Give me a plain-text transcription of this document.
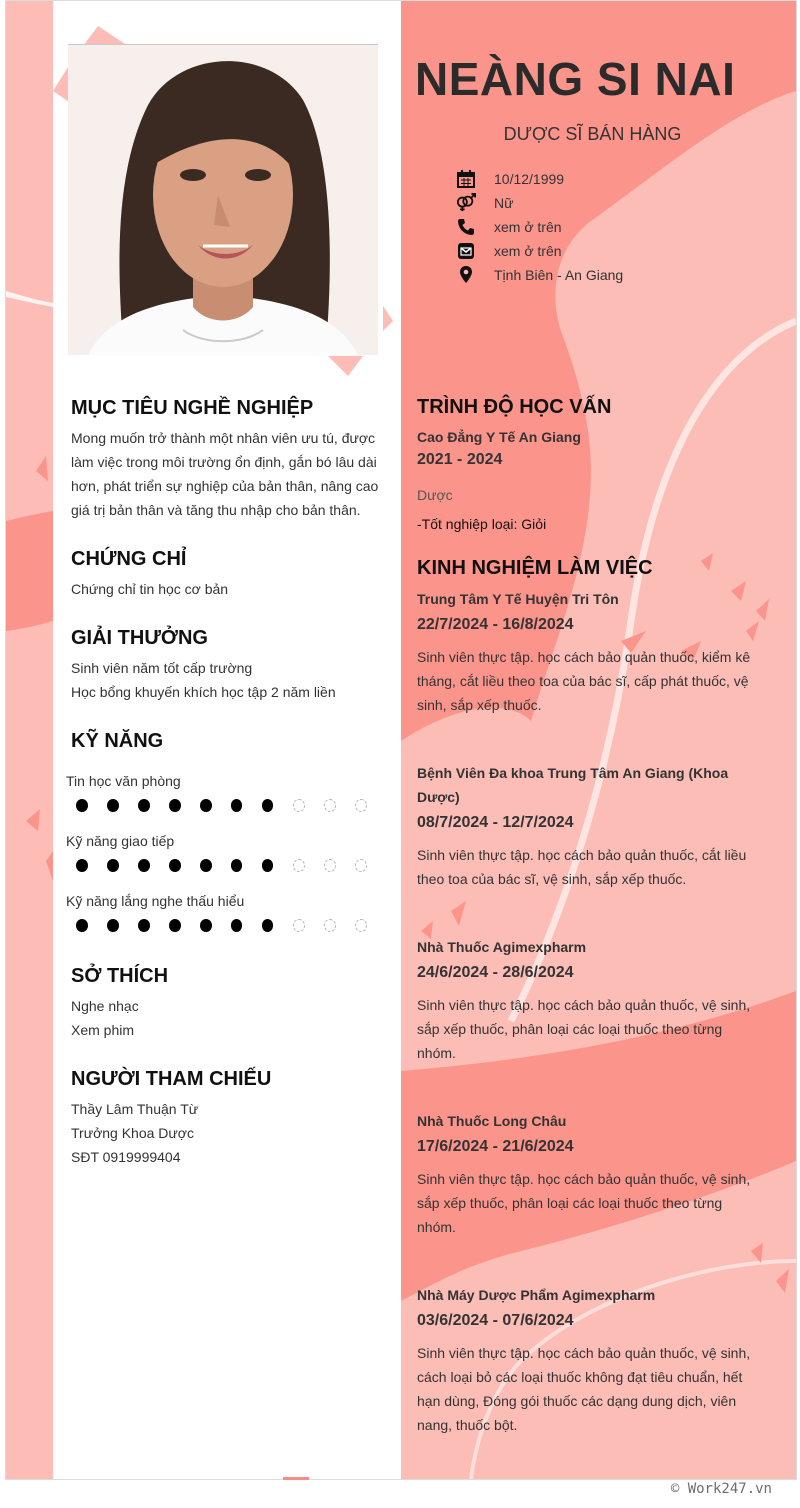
NEÀNG SI NAI
DƯỢC SĨ BÁN HÀNG
10/12/1999
Nữ
xem ở trên
xem ở trên
Tịnh Biên - An Giang
MỤC TIÊU NGHỀ NGHIỆP
Mong muốn trở thành một nhân viên ưu tú, được
làm việc trong môi trường ổn định, gắn bó lâu dài
hơn, phát triển sự nghiệp của bản thân, nâng cao
giá trị bản thân và tăng thu nhập cho bản thân.
CHỨNG CHỈ
Chứng chỉ tin học cơ bản
GIẢI THƯỞNG
Sinh viên năm tốt cấp trường
Học bổng khuyến khích học tập 2 năm liền
KỸ NĂNG
Tin học văn phòng
Kỹ năng giao tiếp
Kỹ năng lắng nghe thấu hiểu
SỞ THÍCH
Nghe nhạc
Xem phim
NGƯỜI THAM CHIẾU
Thầy Lâm Thuận Từ
Trưởng Khoa Dược
SĐT 0919999404
TRÌNH ĐỘ HỌC VẤN
Cao Đẳng Y Tế An Giang
2021 - 2024
Dược
-Tốt nghiệp loại: Giỏi
KINH NGHIỆM LÀM VIỆC
Trung Tâm Y Tế Huyện Tri Tôn
22/7/2024 - 16/8/2024
Sinh viên thực tập. học cách bảo quản thuốc, kiểm kê
tháng, cắt liều theo toa của bác sĩ, cấp phát thuốc, vệ
sinh, sắp xếp thuốc.
Bệnh Viên Đa khoa Trung Tâm An Giang (Khoa
Dược)
08/7/2024 - 12/7/2024
Sinh viên thực tập. học cách bảo quản thuốc, cắt liều
theo toa của bác sĩ, vệ sinh, sắp xếp thuốc.
Nhà Thuốc Agimexpharm
24/6/2024 - 28/6/2024
Sinh viên thực tập. học cách bảo quản thuốc, vệ sinh,
sắp xếp thuốc, phân loại các loại thuốc theo từng
nhóm.
Nhà Thuốc Long Châu
17/6/2024 - 21/6/2024
Sinh viên thực tập. học cách bảo quản thuốc, vệ sinh,
sắp xếp thuốc, phân loại các loại thuốc theo từng
nhóm.
Nhà Máy Dược Phẩm Agimexpharm
03/6/2024 - 07/6/2024
Sinh viên thực tập. học cách bảo quản thuốc, vệ sinh,
cách loại bỏ các loại thuốc không đạt tiêu chuẩn, hết
hạn dùng, Đóng gói thuốc các dạng dung dịch, viên
nang, thuốc bột.
© Work247.vn
